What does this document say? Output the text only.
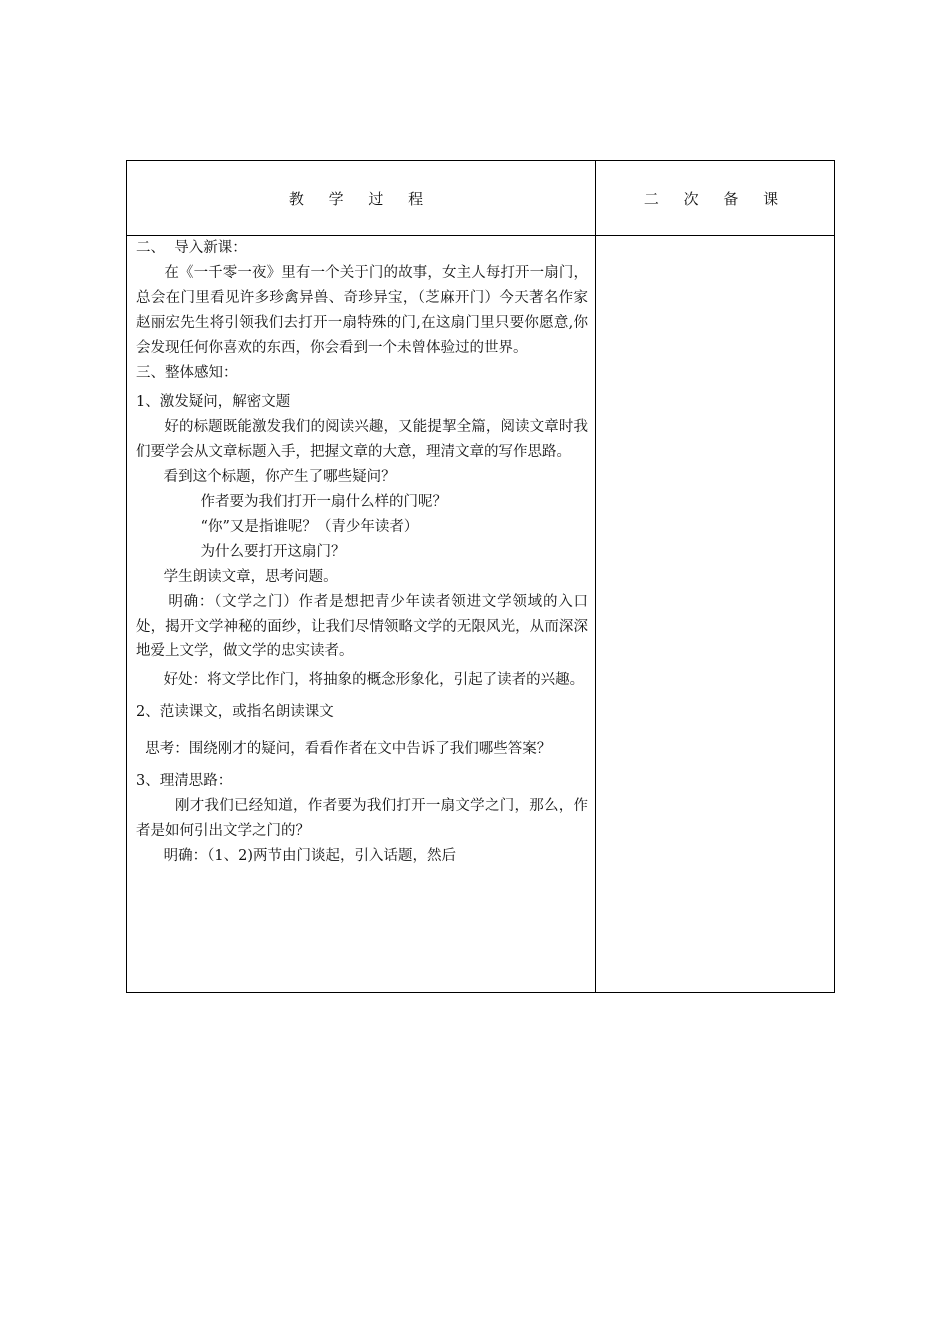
教 学 过 程	二 次 备 课

二、  导入新课：

在《一千零一夜》里有一个关于门的故事，女主人每打开一扇门，总会在门里看见许多珍禽异兽、奇珍异宝，（芝麻开门）今天著名作家赵丽宏先生将引领我们去打开一扇特殊的门,在这扇门里只要你愿意,你会发现任何你喜欢的东西，你会看到一个未曾体验过的世界。

三、整体感知：

1、激发疑问，解密文题

好的标题既能激发我们的阅读兴趣，又能提挈全篇，阅读文章时我们要学会从文章标题入手，把握文章的大意，理清文章的写作思路。

看到这个标题，你产生了哪些疑问？

作者要为我们打开一扇什么样的门呢？

“你”又是指谁呢？（青少年读者）

为什么要打开这扇门？

学生朗读文章，思考问题。

明确：（文学之门）作者是想把青少年读者领进文学领域的入口处，揭开文学神秘的面纱，让我们尽情领略文学的无限风光，从而深深地爱上文学，做文学的忠实读者。

好处：将文学比作门，将抽象的概念形象化，引起了读者的兴趣。

2、范读课文，或指名朗读课文

思考：围绕刚才的疑问，看看作者在文中告诉了我们哪些答案？

3、理清思路：

刚才我们已经知道，作者要为我们打开一扇文学之门，那么，作者是如何引出文学之门的？

明确：（1、2)两节由门谈起，引入话题，然后
